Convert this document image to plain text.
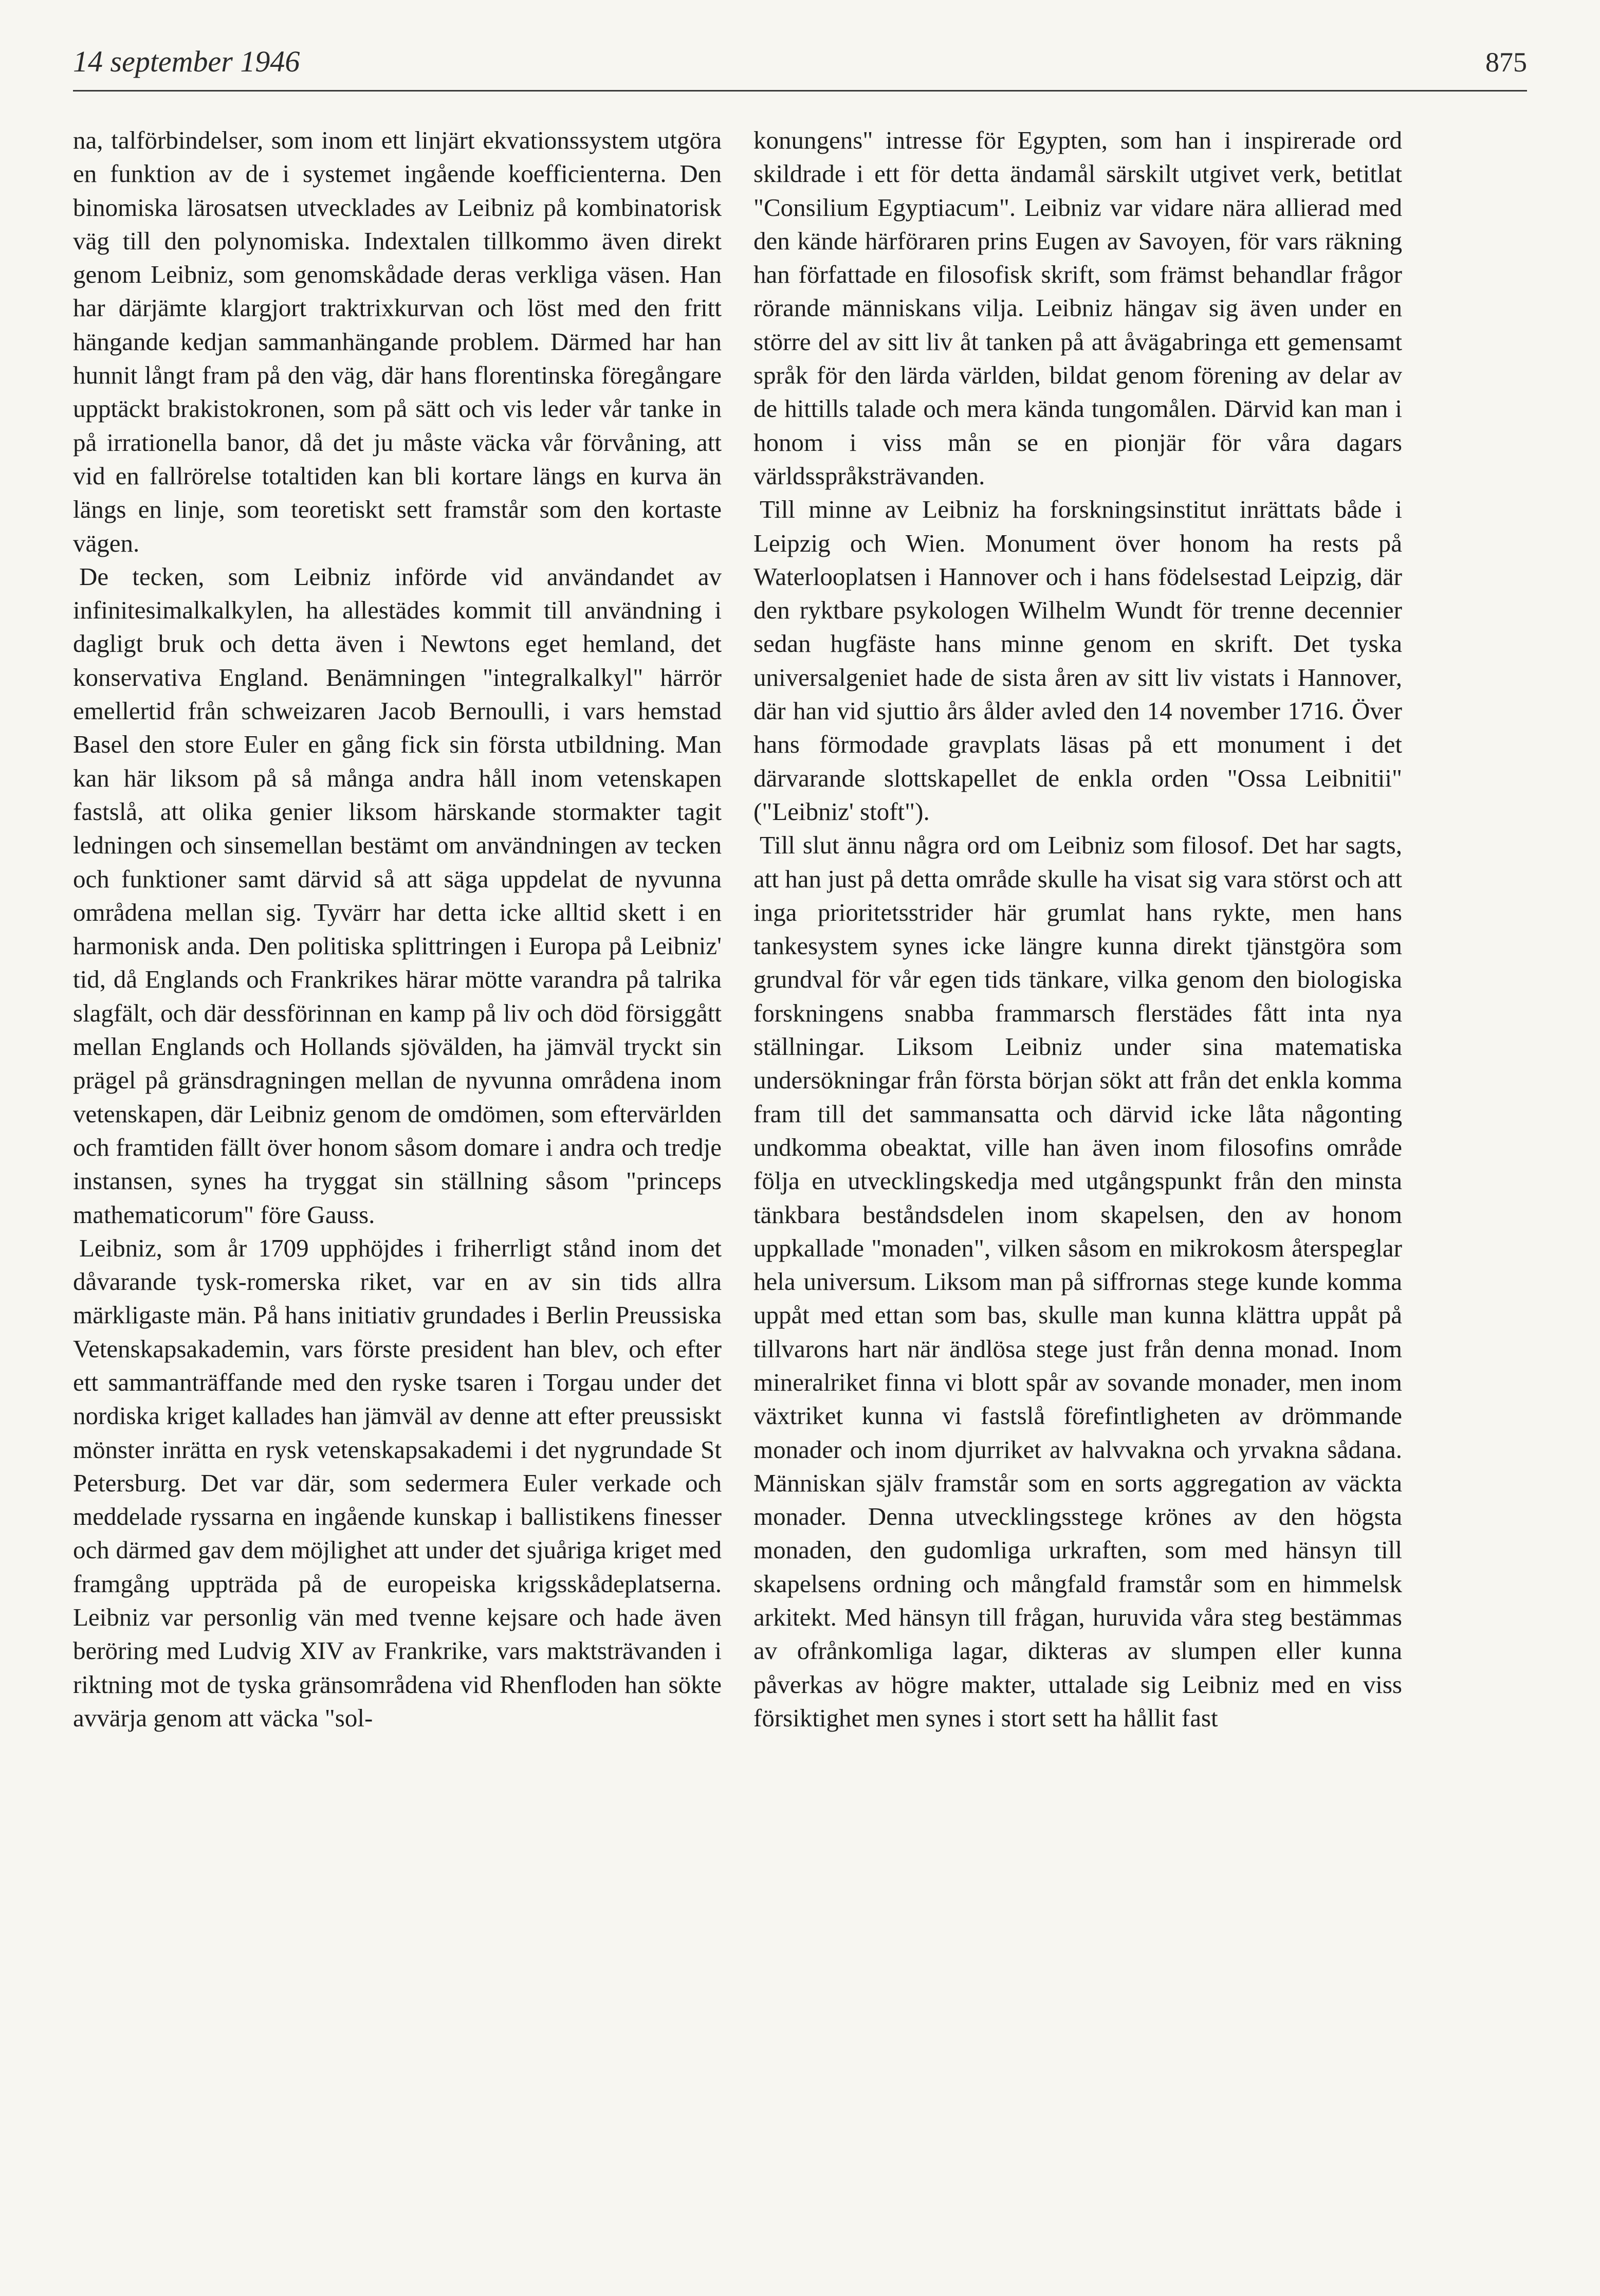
14 september 1946	875

na, talförbindelser, som inom ett linjärt ekvationssystem utgöra en funktion av de i systemet ingående koefficienterna. Den binomiska lärosatsen utvecklades av Leibniz på kombinatorisk väg till den polynomiska. Indextalen tillkommo även direkt genom Leibniz, som genomskådade deras verkliga väsen. Han har därjämte klargjort traktrixkurvan och löst med den fritt hängande kedjan sammanhängande problem. Därmed har han hunnit långt fram på den väg, där hans florentinska föregångare upptäckt brakistokronen, som på sätt och vis leder vår tanke in på irrationella banor, då det ju måste väcka vår förvåning, att vid en fallrörelse totaltiden kan bli kortare längs en kurva än längs en linje, som teoretiskt sett framstår som den kortaste vägen.

De tecken, som Leibniz införde vid användandet av infinitesimalkalkylen, ha allestädes kommit till användning i dagligt bruk och detta även i Newtons eget hemland, det konservativa England. Benämningen "integralkalkyl" härrör emellertid från schweizaren Jacob Bernoulli, i vars hemstad Basel den store Euler en gång fick sin första utbildning. Man kan här liksom på så många andra håll inom vetenskapen fastslå, att olika genier liksom härskande stormakter tagit ledningen och sinsemellan bestämt om användningen av tecken och funktioner samt därvid så att säga uppdelat de nyvunna områdena mellan sig. Tyvärr har detta icke alltid skett i en harmonisk anda. Den politiska splittringen i Europa på Leibniz' tid, då Englands och Frankrikes härar mötte varandra på talrika slagfält, och där dessförinnan en kamp på liv och död försiggått mellan Englands och Hollands sjövälden, ha jämväl tryckt sin prägel på gränsdragningen mellan de nyvunna områdena inom vetenskapen, där Leibniz genom de omdömen, som eftervärlden och framtiden fällt över honom såsom domare i andra och tredje instansen, synes ha tryggat sin ställning såsom "princeps mathematicorum" före Gauss.

Leibniz, som år 1709 upphöjdes i friherrligt stånd inom det dåvarande tysk-romerska riket, var en av sin tids allra märkligaste män. På hans initiativ grundades i Berlin Preussiska Vetenskapsakademin, vars förste president han blev, och efter ett sammanträffande med den ryske tsaren i Torgau under det nordiska kriget kallades han jämväl av denne att efter preussiskt mönster inrätta en rysk vetenskapsakademi i det nygrundade St Petersburg. Det var där, som sedermera Euler verkade och meddelade ryssarna en ingående kunskap i ballistikens finesser och därmed gav dem möjlighet att under det sjuåriga kriget med framgång uppträda på de europeiska krigsskådeplatserna. Leibniz var personlig vän med tvenne kejsare och hade även beröring med Ludvig XIV av Frankrike, vars maktsträvanden i riktning mot de tyska gränsområdena vid Rhenfloden han sökte avvärja genom att väcka "sol-

konungens" intresse för Egypten, som han i inspirerade ord skildrade i ett för detta ändamål särskilt utgivet verk, betitlat "Consilium Egyptiacum". Leibniz var vidare nära allierad med den kände härföraren prins Eugen av Savoyen, för vars räkning han författade en filosofisk skrift, som främst behandlar frågor rörande människans vilja. Leibniz hängav sig även under en större del av sitt liv åt tanken på att åvägabringa ett gemensamt språk för den lärda världen, bildat genom förening av delar av de hittills talade och mera kända tungomålen. Därvid kan man i honom i viss mån se en pionjär för våra dagars världsspråksträvanden.

Till minne av Leibniz ha forskningsinstitut inrättats både i Leipzig och Wien. Monument över honom ha rests på Waterlooplatsen i Hannover och i hans födelsestad Leipzig, där den ryktbare psykologen Wilhelm Wundt för trenne decennier sedan hugfäste hans minne genom en skrift. Det tyska universalgeniet hade de sista åren av sitt liv vistats i Hannover, där han vid sjuttio års ålder avled den 14 november 1716. Över hans förmodade gravplats läsas på ett monument i det därvarande slottskapellet de enkla orden "Ossa Leibnitii" ("Leibniz' stoft").

Till slut ännu några ord om Leibniz som filosof. Det har sagts, att han just på detta område skulle ha visat sig vara störst och att inga prioritetsstrider här grumlat hans rykte, men hans tankesystem synes icke längre kunna direkt tjänstgöra som grundval för vår egen tids tänkare, vilka genom den biologiska forskningens snabba frammarsch flerstädes fått inta nya ställningar. Liksom Leibniz under sina matematiska undersökningar från första början sökt att från det enkla komma fram till det sammansatta och därvid icke låta någonting undkomma obeaktat, ville han även inom filosofins område följa en utvecklingskedja med utgångspunkt från den minsta tänkbara beståndsdelen inom skapelsen, den av honom uppkallade "monaden", vilken såsom en mikrokosm återspeglar hela universum. Liksom man på siffrornas stege kunde komma uppåt med ettan som bas, skulle man kunna klättra uppåt på tillvarons hart när ändlösa stege just från denna monad. Inom mineralriket finna vi blott spår av sovande monader, men inom växtriket kunna vi fastslå förefintligheten av drömmande monader och inom djurriket av halvvakna och yrvakna sådana. Människan själv framstår som en sorts aggregation av väckta monader. Denna utvecklingsstege krönes av den högsta monaden, den gudomliga urkraften, som med hänsyn till skapelsens ordning och mångfald framstår som en himmelsk arkitekt. Med hänsyn till frågan, huruvida våra steg bestämmas av ofrånkomliga lagar, dikteras av slumpen eller kunna påverkas av högre makter, uttalade sig Leibniz med en viss försiktighet men synes i stort sett ha hållit fast
